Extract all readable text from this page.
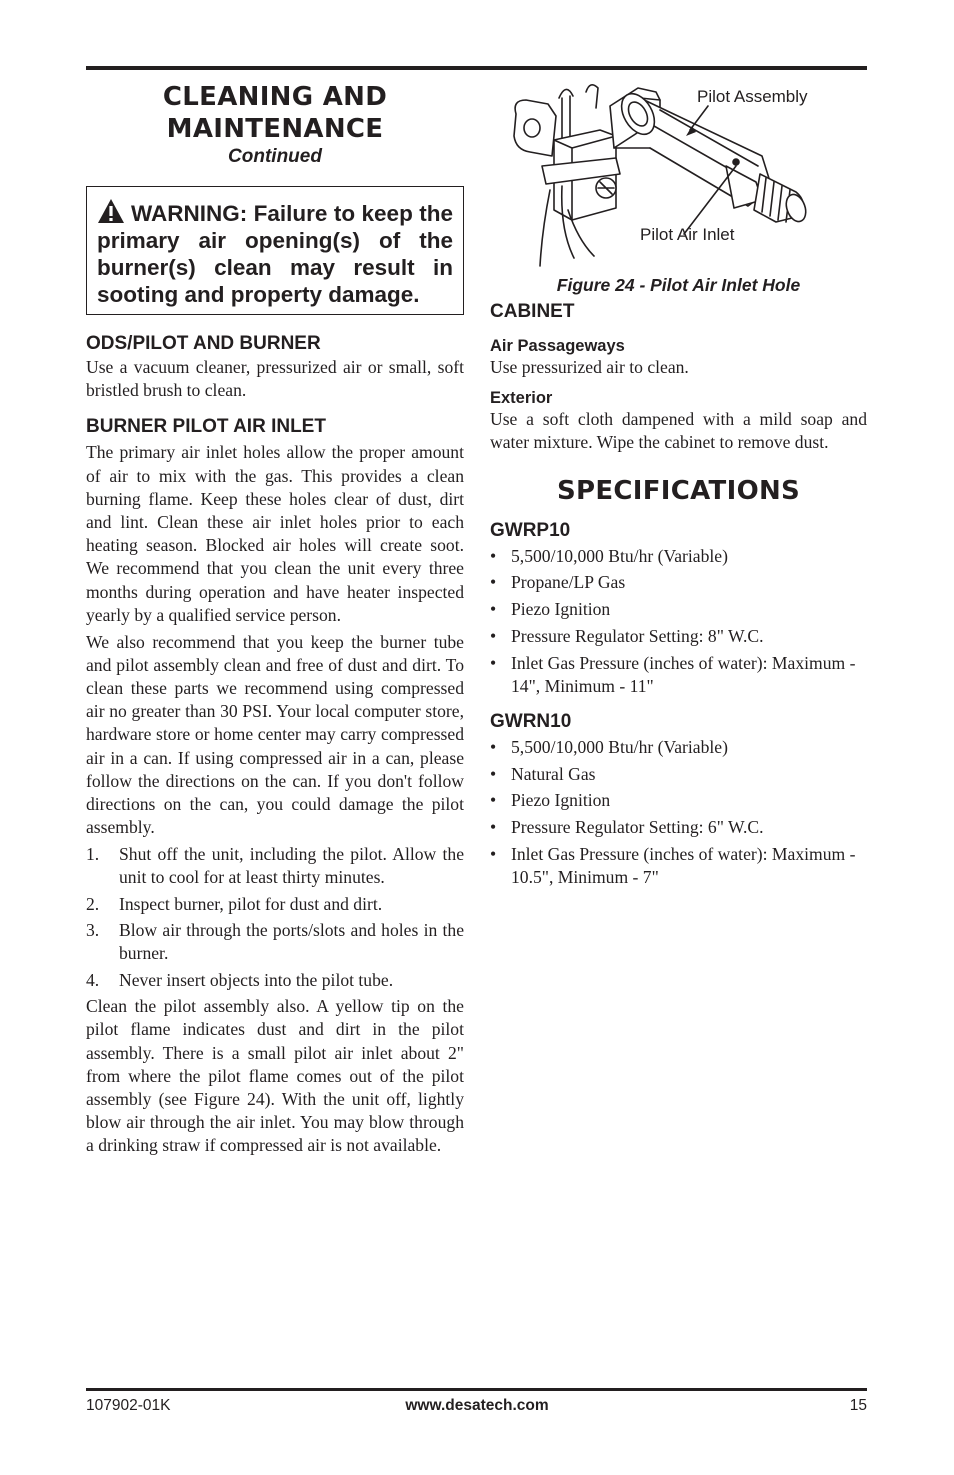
CLEANING AND
MAINTENANCE

Continued

WARNING: Failure to keep the primary air opening(s) of the burner(s) clean may result in sooting and property damage.
ODS/PILOT AND BURNER

Use a vacuum cleaner, pressurized air or small, soft bristled brush to clean.

BURNER PILOT AIR INLET

The primary air inlet holes allow the proper amount of air to mix with the gas. This provides a clean burning flame. Keep these holes clear of dust, dirt and lint. Clean these air inlet holes prior to each heating season. Blocked air holes will create soot. We recommend that you clean the unit every three months during operation and have heater inspected yearly by a qualified service person.

We also recommend that you keep the burner tube and pilot assembly clean and free of dust and dirt. To clean these parts we recommend using compressed air no greater than 30 PSI. Your local computer store, hardware store or home center may carry compressed air in a can. If using compressed air in a can, please follow the directions on the can. If you don't follow directions on the can, you could damage the pilot assembly.

1. Shut off the unit, including the pilot. Allow the unit to cool for at least thirty minutes.
2. Inspect burner, pilot for dust and dirt.
3. Blow air through the ports/slots and holes in the burner.
4. Never insert objects into the pilot tube.

Clean the pilot assembly also. A yellow tip on the pilot flame indicates dust and dirt in the pilot assembly. There is a small pilot air inlet about 2" from where the pilot flame comes out of the pilot assembly (see Figure 24). With the unit off, lightly blow air through the air inlet. You may blow through a drinking straw if compressed air is not available.

Pilot Assembly
Pilot Air Inlet

Figure 24 - Pilot Air Inlet Hole

CABINET
Air Passageways

Use pressurized air to clean.

Exterior

Use a soft cloth dampened with a mild soap and water mixture. Wipe the cabinet to remove dust.

SPECIFICATIONS
GWRP10
• 5,500/10,000 Btu/hr (Variable)
• Propane/LP Gas
• Piezo Ignition
• Pressure Regulator Setting: 8" W.C.
• Inlet Gas Pressure (inches of water): Maximum - 14", Minimum - 11"
GWRN10
• 5,500/10,000 Btu/hr (Variable)
• Natural Gas
• Piezo Ignition
• Pressure Regulator Setting: 6" W.C.
• Inlet Gas Pressure (inches of water): Maximum - 10.5", Minimum - 7"
107902-01K	www.desatech.com	15
